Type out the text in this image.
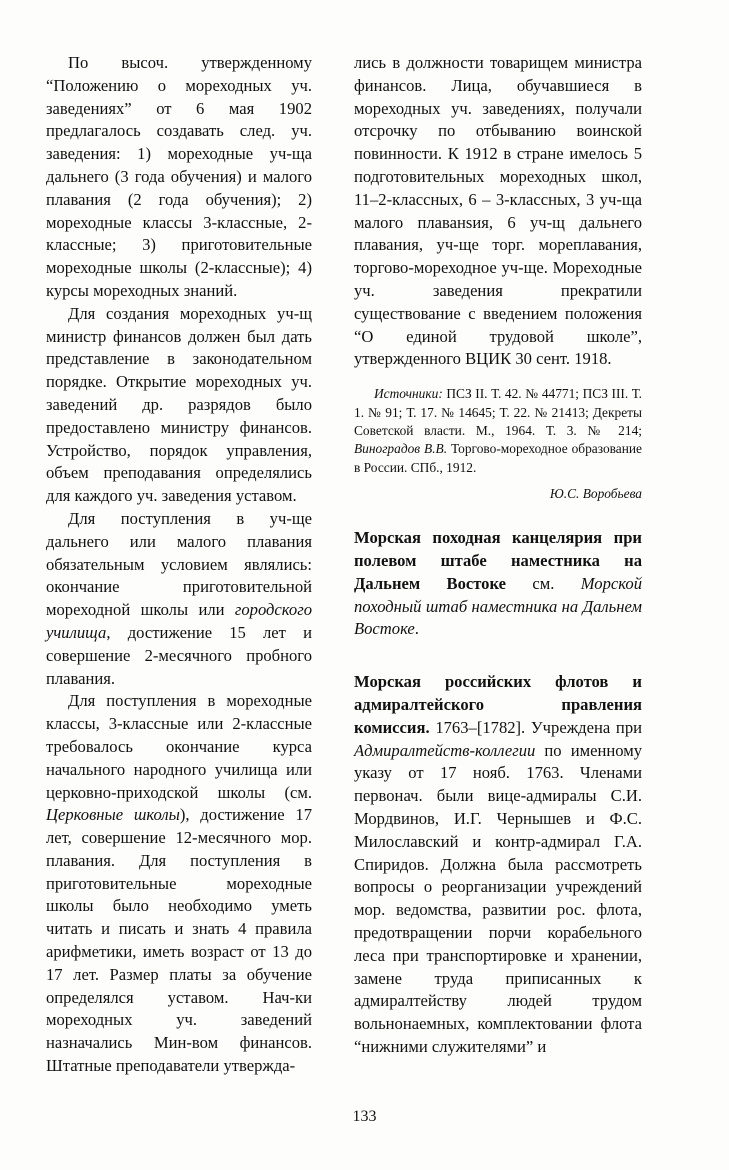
По высоч. утвержденному “Положению о мореходных уч. заведениях” от 6 мая 1902 предлагалось создавать след. уч. заведения: 1) мореходные уч-ща дальнего (3 года обучения) и малого плавания (2 года обучения); 2) мореходные классы 3-классные, 2-классные; 3) приготовительные мореходные школы (2-классные); 4) курсы мореходных знаний.

Для создания мореходных уч-щ министр финансов должен был дать представление в законодательном порядке. Открытие мореходных уч. заведений др. разрядов было предоставлено министру финансов. Устройство, порядок управления, объем преподавания определялись для каждого уч. заведения уставом.

Для поступления в уч-ще дальнего или малого плавания обязательным условием являлись: окончание приготовительной мореходной школы или городского училища, достижение 15 лет и совершение 2-месячного пробного плавания.

Для поступления в мореходные классы, 3-классные или 2-классные требовалось окончание курса начального народного училища или церковно-приходской школы (см. Церковные школы), достижение 17 лет, совершение 12-месячного мор. плавания. Для поступления в приготовительные мореходные школы было необходимо уметь читать и писать и знать 4 правила арифметики, иметь возраст от 13 до 17 лет. Размер платы за обучение определялся уставом. Нач-ки мореходных уч. заведений назначались Мин-вом финансов. Штатные преподаватели утвержда-

лись в должности товарищем министра финансов. Лица, обучавшиеся в мореходных уч. заведениях, получали отсрочку по отбыванию воинской повинности. К 1912 в стране имелось 5 подготовительных мореходных школ, 11–2-классных, 6 – 3-классных, 3 уч-ща малого плаванsия, 6 уч-щ дальнего плавания, уч-ще торг. мореплавания, торгово-мореходное уч-ще. Мореходные уч. заведения прекратили существование с введением положения “О единой трудовой школе”, утвержденного ВЦИК 30 сент. 1918.

Источники: ПСЗ II. Т. 42. № 44771; ПСЗ III. Т. 1. № 91; Т. 17. № 14645; Т. 22. № 21413; Декреты Советской власти. М., 1964. Т. 3. № 214; Виноградов В.В. Торгово-мореходное образование в России. СПб., 1912.

Ю.С. Воробьева

Морская походная канцелярия при полевом штабе наместника на Дальнем Востоке см. Морской походный штаб наместника на Дальнем Востоке.

Морская российских флотов и адмиралтейского правления комиссия. 1763–[1782]. Учреждена при Адмиралтейств-коллегии по именному указу от 17 нояб. 1763. Членами первонач. были вице-адмиралы С.И. Мордвинов, И.Г. Чернышев и Ф.С. Милославский и контр-адмирал Г.А. Спиридов. Должна была рассмотреть вопросы о реорганизации учреждений мор. ведомства, развитии рос. флота, предотвращении порчи корабельного леса при транспортировке и хранении, замене труда приписанных к адмиралтейству людей трудом вольнонаемных, комплектовании флота “нижними служителями” и

133
